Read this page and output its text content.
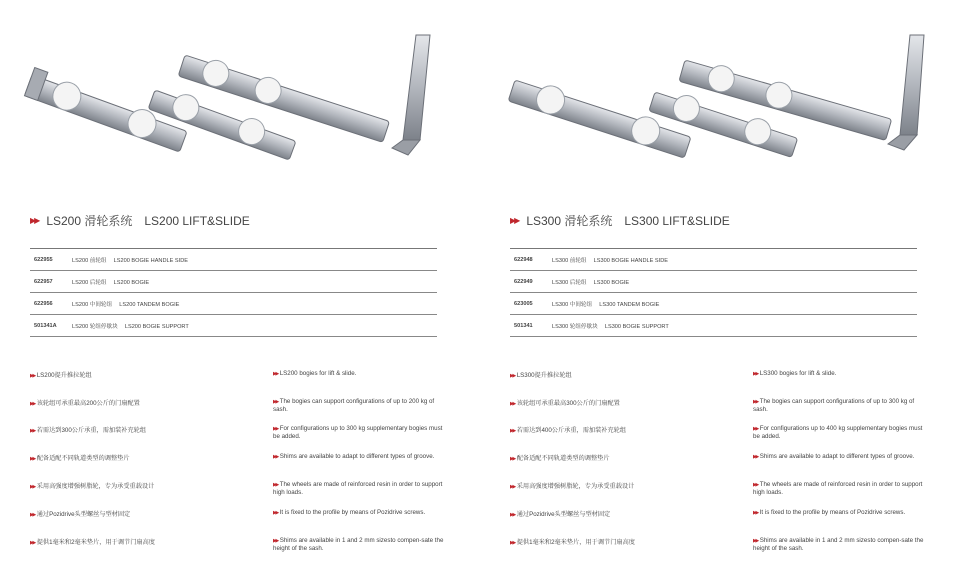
▶▶ LS200 滑轮系统　LS200 LIFT&SLIDE
622955	LS200 前轮组　 LS200 BOGIE HANDLE SIDE
622957	LS200 后轮组　 LS200 BOGIE
622956	LS200 中间轮组　 LS200 TANDEM BOGIE
501341A	LS200 轮组停歇块　 LS200 BOGIE SUPPORT
▶▶ LS200提升推拉轮组	▶▶ LS200 bogies for lift & slide.
▶▶ 该轮组可承重最高200公斤的门扇配置	▶▶ The bogies can support configurations of up to 200 kg of sash.
▶▶ 若需达到300公斤承重，需加装补充轮组	▶▶ For configurations up to 300 kg supplementary bogies must be added.
▶▶ 配备适配不同轨道类型的调整垫片	▶▶ Shims are available to adapt to different types of groove.
▶▶ 采用高强度增强树脂轮，专为承受重载设计	▶▶ The wheels are made of reinforced resin in order to support high loads.
▶▶ 通过Pozidrive头型螺丝与型材固定	▶▶ It is fixed to the profile by means of Pozidrive screws.
▶▶ 提供1毫米和2毫米垫片，用于调节门扇高度	▶▶ Shims are available in 1 and 2 mm sizesto compen-sate the height of the sash.
▶▶ LS300 滑轮系统　LS300 LIFT&SLIDE
622948	LS300 前轮组　 LS300 BOGIE HANDLE SIDE
622949	LS300 后轮组　 LS300 BOGIE
623005	LS300 中间轮组　 LS300 TANDEM BOGIE
501341	LS300 轮组停歇块　 LS300 BOGIE SUPPORT
▶▶ LS300提升推拉轮组	▶▶ LS300 bogies for lift & slide.
▶▶ 该轮组可承重最高300公斤的门扇配置	▶▶ The bogies can support configurations of up to 300 kg of sash.
▶▶ 若需达到400公斤承重，需加装补充轮组	▶▶ For configurations up to 400 kg supplementary bogies must be added.
▶▶ 配备适配不同轨道类型的调整垫片	▶▶ Shims are available to adapt to different types of groove.
▶▶ 采用高强度增强树脂轮，专为承受重载设计	▶▶ The wheels are made of reinforced resin in order to support high loads.
▶▶ 通过Pozidrive头型螺丝与型材固定	▶▶ It is fixed to the profile by means of Pozidrive screws.
▶▶ 提供1毫米和2毫米垫片，用于调节门扇高度	▶▶ Shims are available in 1 and 2 mm sizesto compen-sate the height of the sash.
